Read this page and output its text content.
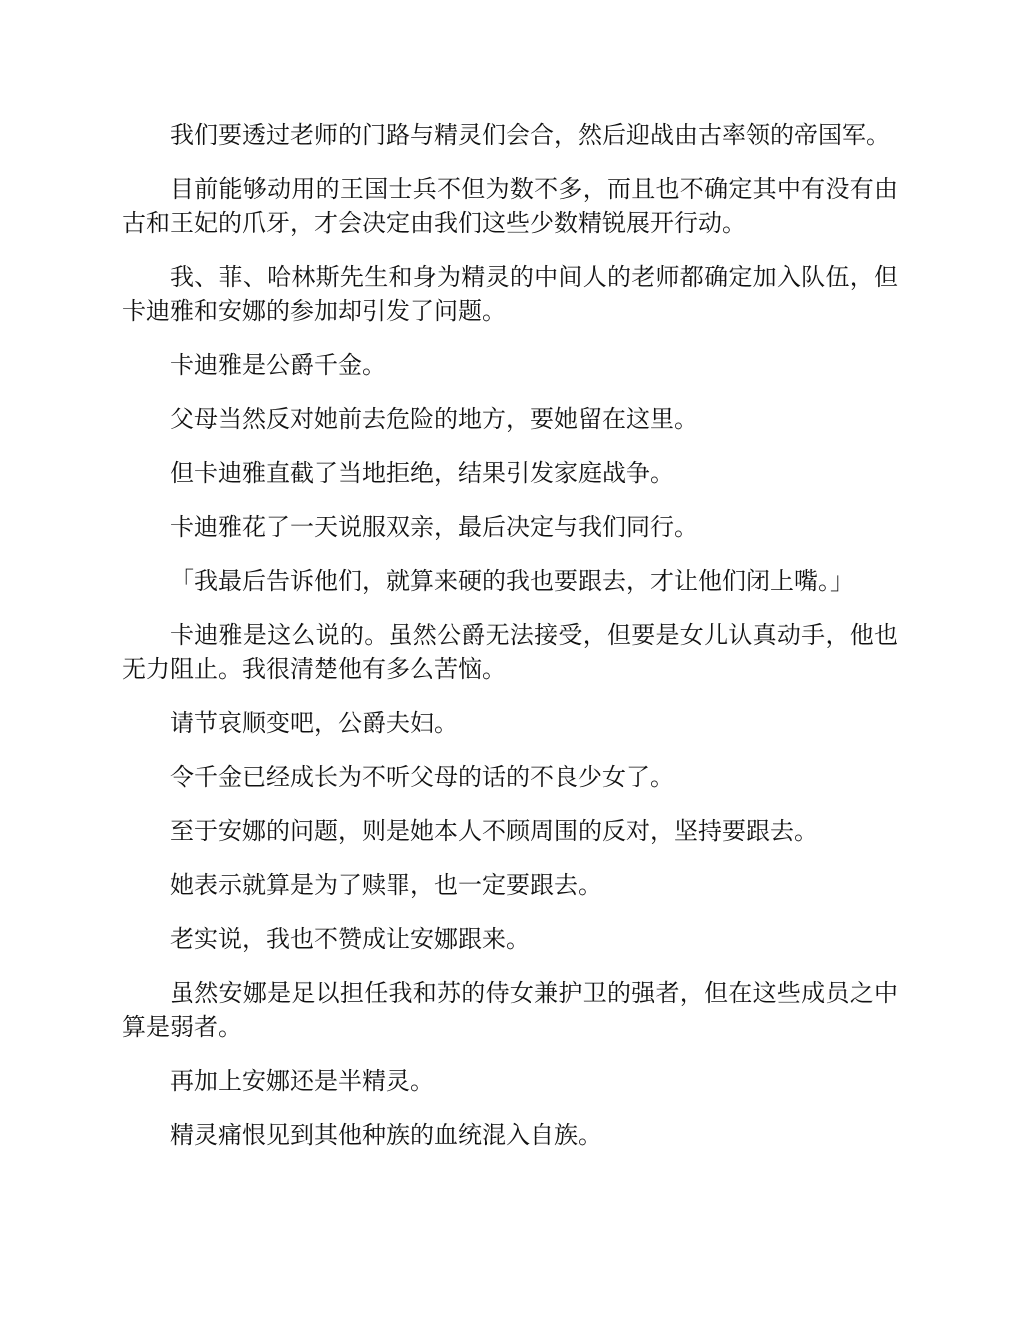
我们要透过老师的门路与精灵们会合，然后迎战由古率领的帝国军。

目前能够动用的王国士兵不但为数不多，而且也不确定其中有没有由古和王妃的爪牙，才会决定由我们这些少数精锐展开行动。

我、菲、哈林斯先生和身为精灵的中间人的老师都确定加入队伍，但卡迪雅和安娜的参加却引发了问题。

卡迪雅是公爵千金。

父母当然反对她前去危险的地方，要她留在这里。

但卡迪雅直截了当地拒绝，结果引发家庭战争。

卡迪雅花了一天说服双亲，最后决定与我们同行。

「我最后告诉他们，就算来硬的我也要跟去，才让他们闭上嘴。」

卡迪雅是这么说的。虽然公爵无法接受，但要是女儿认真动手，他也无力阻止。我很清楚他有多么苦恼。

请节哀顺变吧，公爵夫妇。

令千金已经成长为不听父母的话的不良少女了。

至于安娜的问题，则是她本人不顾周围的反对，坚持要跟去。

她表示就算是为了赎罪，也一定要跟去。

老实说，我也不赞成让安娜跟来。

虽然安娜是足以担任我和苏的侍女兼护卫的强者，但在这些成员之中算是弱者。

再加上安娜还是半精灵。

精灵痛恨见到其他种族的血统混入自族。
